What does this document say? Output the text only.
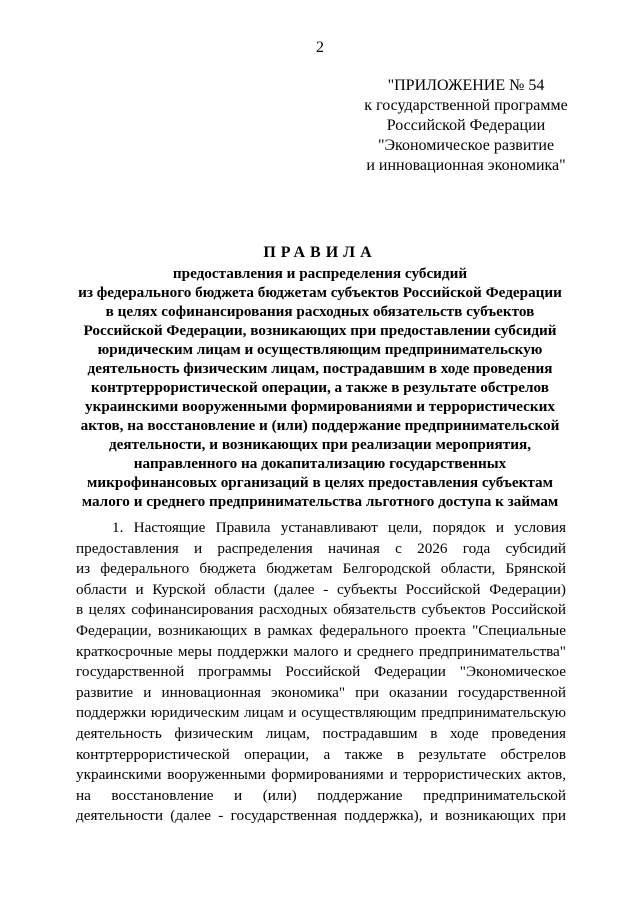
2
"ПРИЛОЖЕНИЕ № 54
к государственной программе
Российской Федерации
"Экономическое развитие
и инновационная экономика"
ПРАВИЛА
предоставления и распределения субсидий
из федерального бюджета бюджетам субъектов Российской Федерации
в целях софинансирования расходных обязательств субъектов
Российской Федерации, возникающих при предоставлении субсидий
юридическим лицам и осуществляющим предпринимательскую
деятельность физическим лицам, пострадавшим в ходе проведения
контртеррористической операции, а также в результате обстрелов
украинскими вооруженными формированиями и террористических
актов, на восстановление и (или) поддержание предпринимательской
деятельности, и возникающих при реализации мероприятия,
направленного на докапитализацию государственных
микрофинансовых организаций в целях предоставления субъектам
малого и среднего предпринимательства льготного доступа к займам
1. Настоящие Правила устанавливают цели, порядок и условия
предоставления и распределения начиная с 2026 года субсидий
из федерального бюджета бюджетам Белгородской области, Брянской
области и Курской области (далее - субъекты Российской Федерации)
в целях софинансирования расходных обязательств субъектов Российской
Федерации, возникающих в рамках федерального проекта "Специальные
краткосрочные меры поддержки малого и среднего предпринимательства"
государственной программы Российской Федерации "Экономическое
развитие и инновационная экономика" при оказании государственной
поддержки юридическим лицам и осуществляющим предпринимательскую
деятельность физическим лицам, пострадавшим в ходе проведения
контртеррористической операции, а также в результате обстрелов
украинскими вооруженными формированиями и террористических актов,
на восстановление и (или) поддержание предпринимательской
деятельности (далее - государственная поддержка), и возникающих при
